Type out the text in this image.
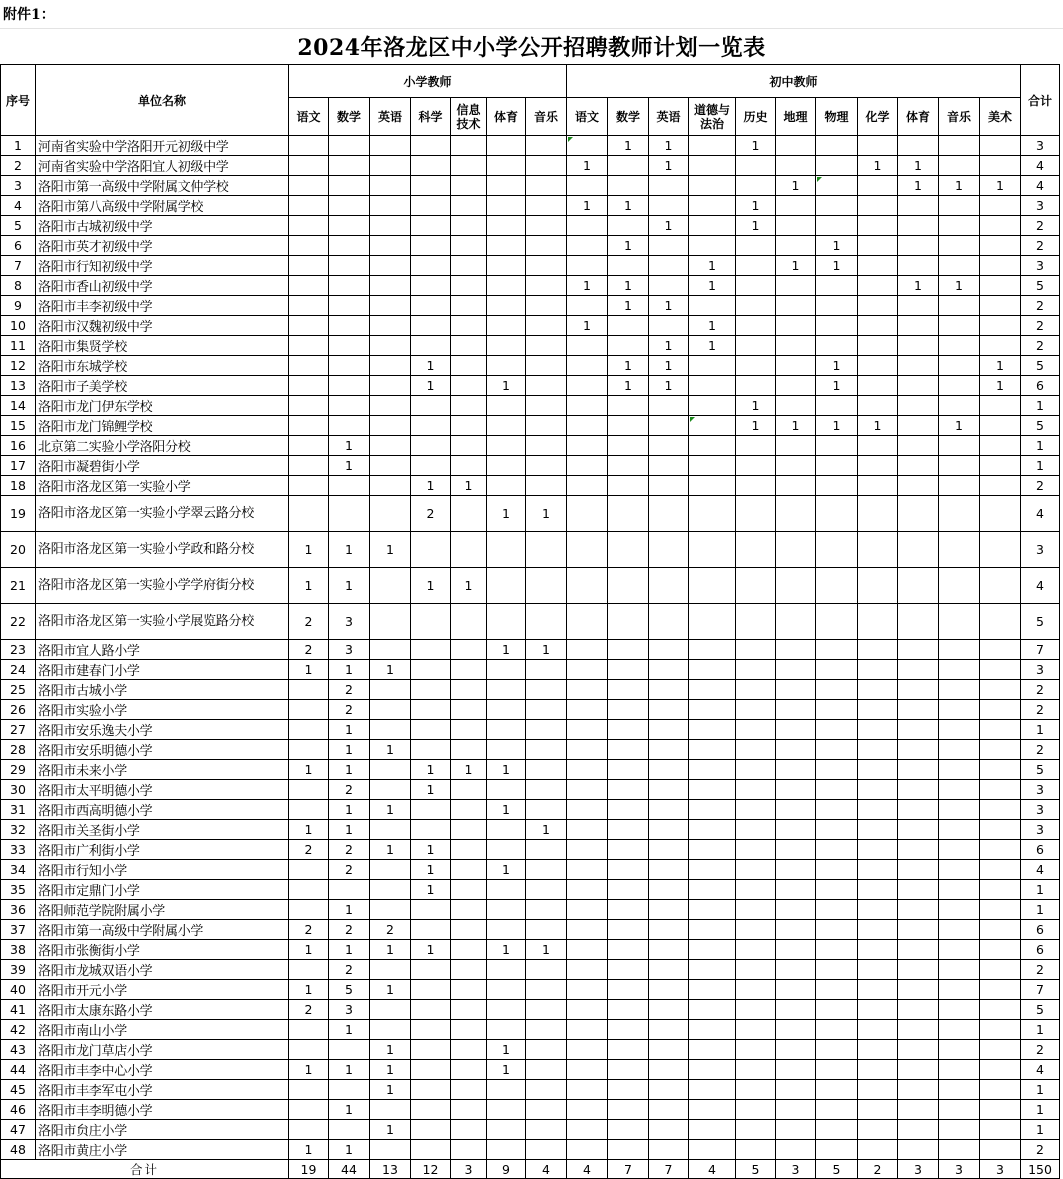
附件1：
2024年洛龙区中小学公开招聘教师计划一览表
序号	单位名称	小学教师							初中教师											合计
		语文	数学	英语	科学	信息技术	体育	音乐	语文	数学	英语	道德与法治	历史	地理	物理	化学	体育	音乐	美术	
1	河南省实验中学洛阳开元初级中学									1	1		1							3
2	河南省实验中学洛阳宜人初级中学								1		1					1	1			4
3	洛阳市第一高级中学附属文仲学校													1			1	1	1	4
4	洛阳市第八高级中学附属学校								1	1			1							3
5	洛阳市古城初级中学										1		1							2
6	洛阳市英才初级中学									1					1					2
7	洛阳市行知初级中学											1		1	1					3
8	洛阳市香山初级中学								1	1		1					1	1		5
9	洛阳市丰李初级中学									1	1									2
10	洛阳市汉魏初级中学								1			1								2
11	洛阳市集贤学校										1	1								2
12	洛阳市东城学校				1					1	1				1				1	5
13	洛阳市子美学校				1		1			1	1				1				1	6
14	洛阳市龙门伊东学校												1							1
15	洛阳市龙门锦鲤学校												1	1	1	1		1		5
16	北京第二实验小学洛阳分校		1																	1
17	洛阳市凝碧街小学		1																	1
18	洛阳市洛龙区第一实验小学				1	1														2
19	洛阳市洛龙区第一实验小学翠云路分校				2		1	1												4
20	洛阳市洛龙区第一实验小学政和路分校	1	1	1																3
21	洛阳市洛龙区第一实验小学学府街分校	1	1		1	1														4
22	洛阳市洛龙区第一实验小学展览路分校	2	3																	5
23	洛阳市宜人路小学	2	3				1	1												7
24	洛阳市建春门小学	1	1	1																3
25	洛阳市古城小学		2																	2
26	洛阳市实验小学		2																	2
27	洛阳市安乐逸夫小学		1																	1
28	洛阳市安乐明德小学		1	1																2
29	洛阳市未来小学	1	1		1	1	1													5
30	洛阳市太平明德小学		2		1															3
31	洛阳市西高明德小学		1	1			1													3
32	洛阳市关圣街小学	1	1					1												3
33	洛阳市广利街小学	2	2	1	1															6
34	洛阳市行知小学		2		1		1													4
35	洛阳市定鼎门小学				1															1
36	洛阳师范学院附属小学		1																	1
37	洛阳市第一高级中学附属小学	2	2	2																6
38	洛阳市张衡街小学	1	1	1	1		1	1												6
39	洛阳市龙城双语小学		2																	2
40	洛阳市开元小学	1	5	1																7
41	洛阳市太康东路小学	2	3																	5
42	洛阳市南山小学		1																	1
43	洛阳市龙门草店小学			1			1													2
44	洛阳市丰李中心小学	1	1	1			1													4
45	洛阳市丰李军屯小学			1																1
46	洛阳市丰李明德小学		1																	1
47	洛阳市贠庄小学			1																1
48	洛阳市黄庄小学	1	1																	2
合计		19	44	13	12	3	9	4	4	7	7	4	5	3	5	2	3	3	3	150
